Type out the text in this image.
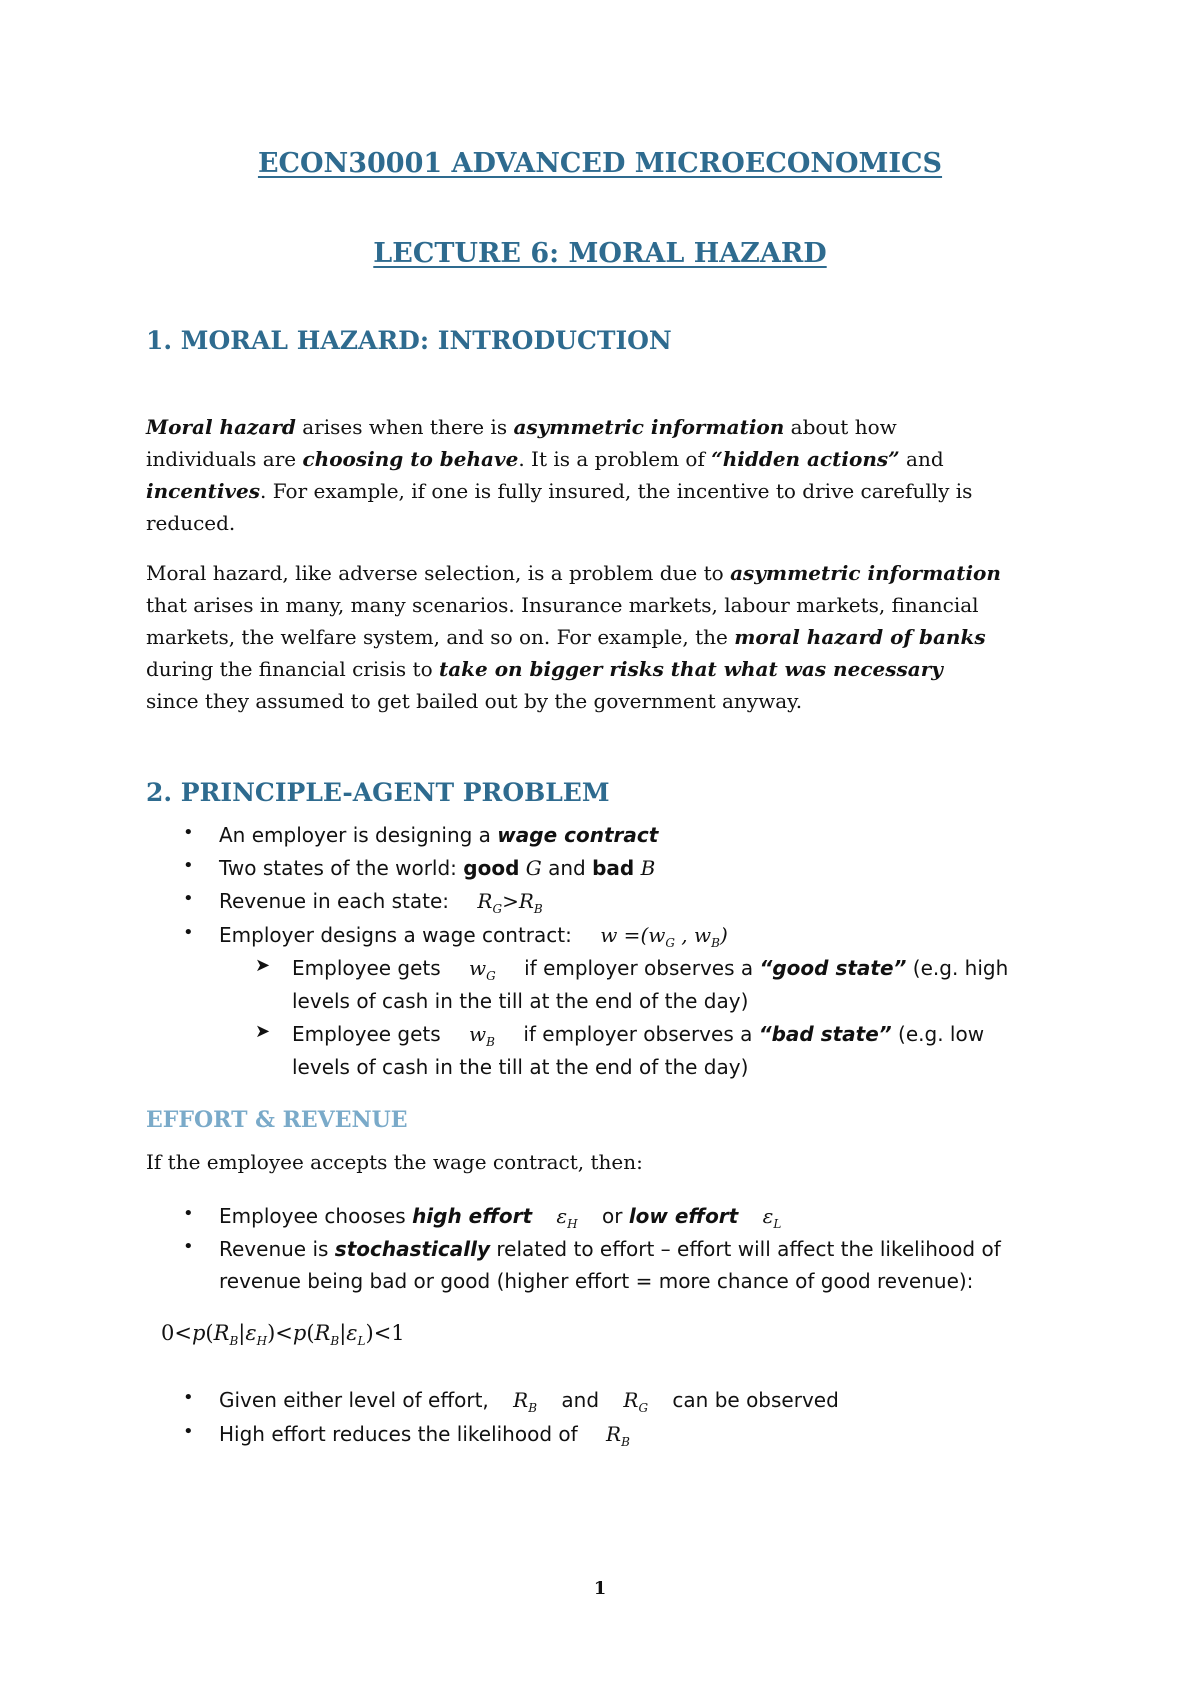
ECON30001 ADVANCED MICROECONOMICS
LECTURE 6: MORAL HAZARD
1. MORAL HAZARD: INTRODUCTION
Moral hazard arises when there is asymmetric information about how
individuals are choosing to behave. It is a problem of “hidden actions” and
incentives. For example, if one is fully insured, the incentive to drive carefully is
reduced.
Moral hazard, like adverse selection, is a problem due to asymmetric information
that arises in many, many scenarios. Insurance markets, labour markets, financial
markets, the welfare system, and so on. For example, the moral hazard of banks
during the financial crisis to take on bigger risks that what was necessary
since they assumed to get bailed out by the government anyway.
2. PRINCIPLE-AGENT PROBLEM
• An employer is designing a wage contract
• Two states of the world: good G and bad B
• Revenue in each state: $R_G>R_B$
• Employer designs a wage contract: $w =(w_G$ , $w_B$)
➤ Employee gets $w_G$ if employer observes a “good state” (e.g. high
levels of cash in the till at the end of the day)
➤ Employee gets $w_B$ if employer observes a “bad state” (e.g. low
levels of cash in the till at the end of the day)
EFFORT & REVENUE
If the employee accepts the wage contract, then:
• Employee chooses high effort $\varepsilon_H$ or low effort $\varepsilon_L$
• Revenue is stochastically related to effort – effort will affect the likelihood of
revenue being bad or good (higher effort = more chance of good revenue):
$0<p(R_B|\varepsilon_H)<p(R_B|\varepsilon_L)<1$
• Given either level of effort, $R_B$ and $R_G$ can be observed
• High effort reduces the likelihood of $R_B$
1
